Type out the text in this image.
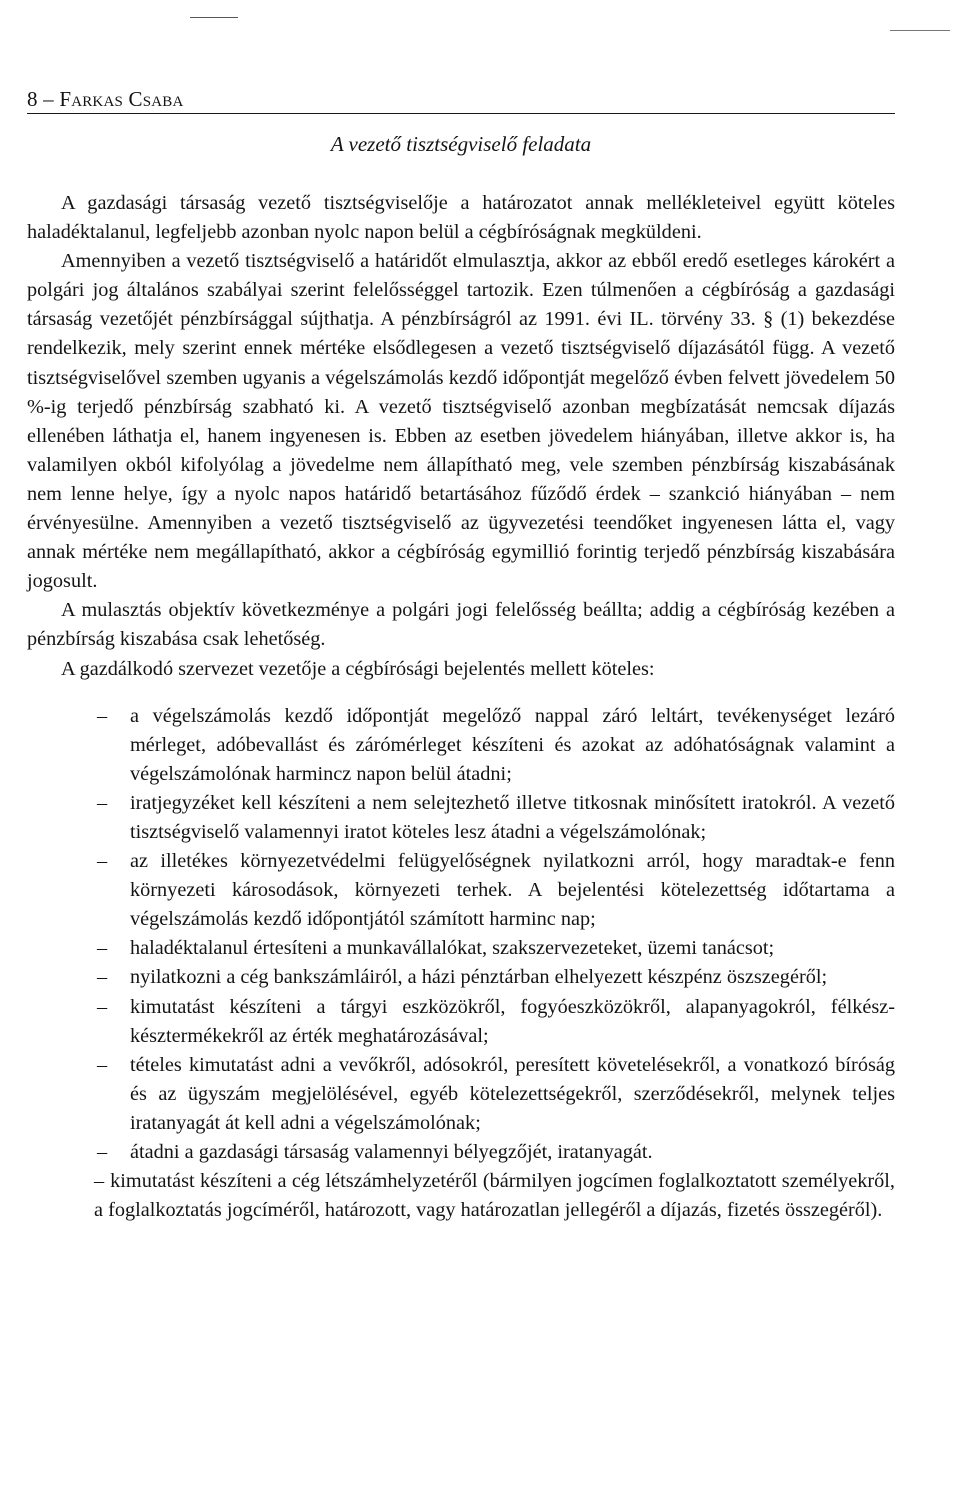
8 – Farkas Csaba
A vezető tisztségviselő feladata

A gazdasági társaság vezető tisztségviselője a határozatot annak mellékleteivel együtt köteles haladéktalanul, legfeljebb azonban nyolc napon belül a cégbíróságnak megküldeni.

Amennyiben a vezető tisztségviselő a határidőt elmulasztja, akkor az ebből eredő esetleges károkért a polgári jog általános szabályai szerint felelősséggel tartozik. Ezen túlmenően a cégbíróság a gazdasági társaság vezetőjét pénzbírsággal sújthatja. A pénzbírságról az 1991. évi IL. törvény 33. § (1) bekezdése rendelkezik, mely szerint ennek mértéke elsődlegesen a vezető tisztségviselő díjazásától függ. A vezető tisztségviselővel szemben ugyanis a végelszámolás kezdő időpontját megelőző évben felvett jövedelem 50 %-ig terjedő pénzbírság szabható ki. A vezető tisztségviselő azonban megbízatását nemcsak díjazás ellenében láthatja el, hanem ingyenesen is. Ebben az esetben jövedelem hiányában, illetve akkor is, ha valamilyen okból kifolyólag a jövedelme nem állapítható meg, vele szemben pénzbírság kiszabásának nem lenne helye, így a nyolc napos határidő betartásához fűződő érdek – szankció hiányában – nem érvényesülne. Amennyiben a vezető tisztségviselő az ügyvezetési teendőket ingyenesen látta el, vagy annak mértéke nem megállapítható, akkor a cégbíróság egymillió forintig terjedő pénzbírság kiszabására jogosult.

A mulasztás objektív következménye a polgári jogi felelősség beállta; addig a cégbíróság kezében a pénzbírság kiszabása csak lehetőség.

A gazdálkodó szervezet vezetője a cégbírósági bejelentés mellett köteles:

– a végelszámolás kezdő időpontját megelőző nappal záró leltárt, tevékenységet lezáró mérleget, adóbevallást és zárómérleget készíteni és azokat az adóhatóságnak valamint a végelszámolónak harmincz napon belül átadni;
– iratjegyzéket kell készíteni a nem selejtezhető illetve titkosnak minősített iratokról. A vezető tisztségviselő valamennyi iratot köteles lesz átadni a végelszámolónak;
– az illetékes környezetvédelmi felügyelőségnek nyilatkozni arról, hogy maradtak-e fenn környezeti károsodások, környezeti terhek. A bejelentési kötelezettség időtartama a végelszámolás kezdő időpontjától számított harminc nap;
– haladéktalanul értesíteni a munkavállalókat, szakszervezeteket, üzemi tanácsot;
– nyilatkozni a cég bankszámláiról, a házi pénztárban elhelyezett készpénz öszszegéről;
– kimutatást készíteni a tárgyi eszközökről, fogyóeszközökről, alapanyagokról, félkész-késztermékekről az érték meghatározásával;
– tételes kimutatást adni a vevőkről, adósokról, peresített követelésekről, a vonatkozó bíróság és az ügyszám megjelölésével, egyéb kötelezettségekről, szerződésekről, melynek teljes iratanyagát át kell adni a végelszámolónak;
– átadni a gazdasági társaság valamennyi bélyegzőjét, iratanyagát.
– kimutatást készíteni a cég létszámhelyzetéről (bármilyen jogcímen foglalkoztatott személyekről, a foglalkoztatás jogcíméről, határozott, vagy határozatlan jellegéről a díjazás, fizetés összegéről).
